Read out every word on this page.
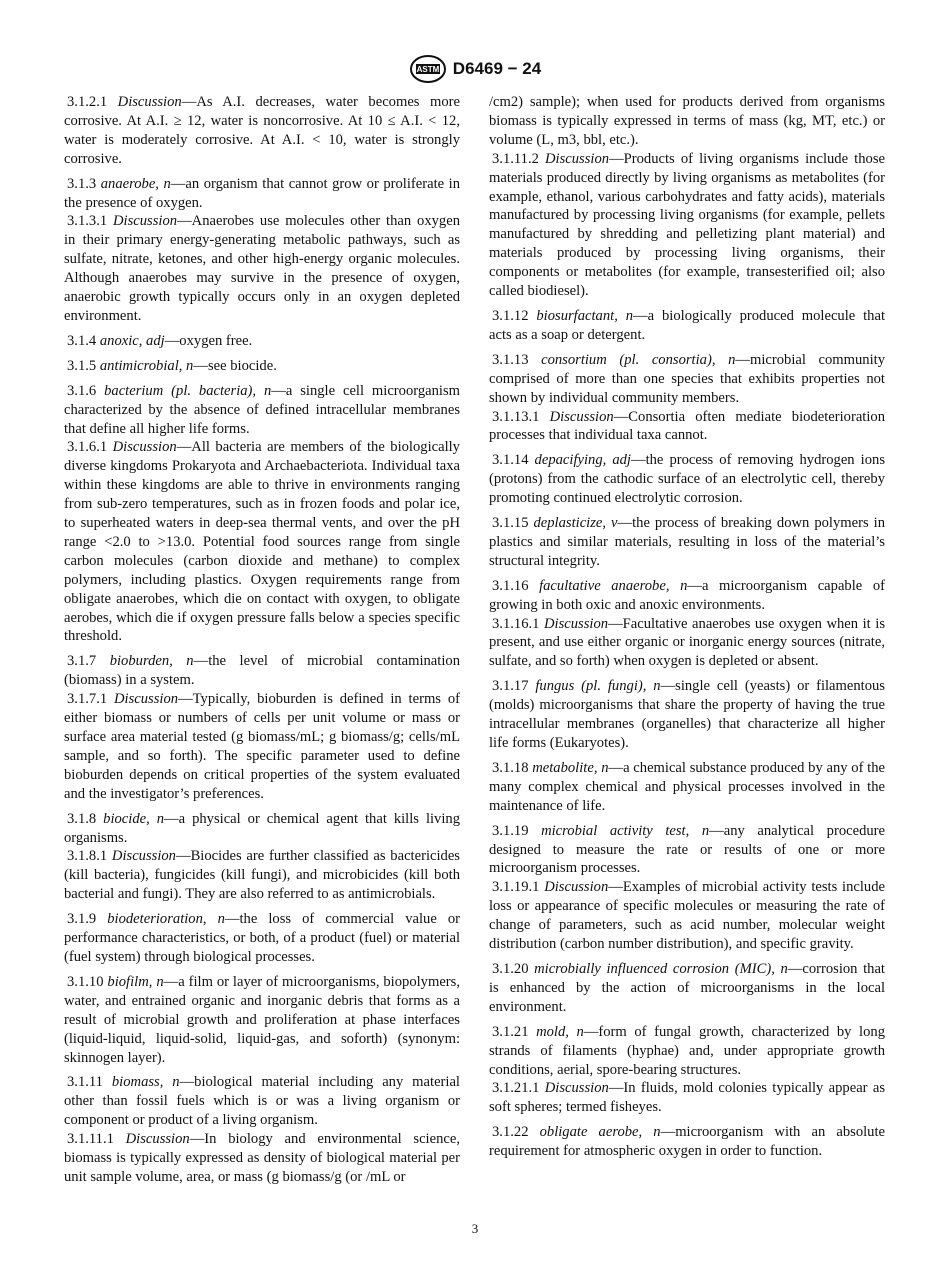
ASTM D6469 − 24

3.1.2.1 Discussion—As A.I. decreases, water becomes more corrosive. At A.I. ≥ 12, water is noncorrosive. At 10 ≤ A.I. < 12, water is moderately corrosive. At A.I. < 10, water is strongly corrosive.

3.1.3 anaerobe, n—an organism that cannot grow or proliferate in the presence of oxygen.

3.1.3.1 Discussion—Anaerobes use molecules other than oxygen in their primary energy-generating metabolic pathways, such as sulfate, nitrate, ketones, and other high-energy organic molecules. Although anaerobes may survive in the presence of oxygen, anaerobic growth typically occurs only in an oxygen depleted environment.

3.1.4 anoxic, adj—oxygen free.

3.1.5 antimicrobial, n—see biocide.

3.1.6 bacterium (pl. bacteria), n—a single cell microorganism characterized by the absence of defined intracellular membranes that define all higher life forms.

3.1.6.1 Discussion—All bacteria are members of the biologically diverse kingdoms Prokaryota and Archaebacteriota. Individual taxa within these kingdoms are able to thrive in environments ranging from sub-zero temperatures, such as in frozen foods and polar ice, to superheated waters in deep-sea thermal vents, and over the pH range <2.0 to >13.0. Potential food sources range from single carbon molecules (carbon dioxide and methane) to complex polymers, including plastics. Oxygen requirements range from obligate anaerobes, which die on contact with oxygen, to obligate aerobes, which die if oxygen pressure falls below a species specific threshold.

3.1.7 bioburden, n—the level of microbial contamination (biomass) in a system.

3.1.7.1 Discussion—Typically, bioburden is defined in terms of either biomass or numbers of cells per unit volume or mass or surface area material tested (g biomass/mL; g biomass/g; cells/mL sample, and so forth). The specific parameter used to define bioburden depends on critical properties of the system evaluated and the investigator’s preferences.

3.1.8 biocide, n—a physical or chemical agent that kills living organisms.

3.1.8.1 Discussion—Biocides are further classified as bactericides (kill bacteria), fungicides (kill fungi), and microbicides (kill both bacterial and fungi). They are also referred to as antimicrobials.

3.1.9 biodeterioration, n—the loss of commercial value or performance characteristics, or both, of a product (fuel) or material (fuel system) through biological processes.

3.1.10 biofilm, n—a film or layer of microorganisms, biopolymers, water, and entrained organic and inorganic debris that forms as a result of microbial growth and proliferation at phase interfaces (liquid-liquid, liquid-solid, liquid-gas, and soforth) (synonym: skinnogen layer).

3.1.11 biomass, n—biological material including any material other than fossil fuels which is or was a living organism or component or product of a living organism.

3.1.11.1 Discussion—In biology and environmental science, biomass is typically expressed as density of biological material per unit sample volume, area, or mass (g biomass/g (or /mL or

/cm2) sample); when used for products derived from organisms biomass is typically expressed in terms of mass (kg, MT, etc.) or volume (L, m3, bbl, etc.).

3.1.11.2 Discussion—Products of living organisms include those materials produced directly by living organisms as metabolites (for example, ethanol, various carbohydrates and fatty acids), materials manufactured by processing living organisms (for example, pellets manufactured by shredding and pelletizing plant material) and materials produced by processing living organisms, their components or metabolites (for example, transesterified oil; also called biodiesel).

3.1.12 biosurfactant, n—a biologically produced molecule that acts as a soap or detergent.

3.1.13 consortium (pl. consortia), n—microbial community comprised of more than one species that exhibits properties not shown by individual community members.

3.1.13.1 Discussion—Consortia often mediate biodeterioration processes that individual taxa cannot.

3.1.14 depacifying, adj—the process of removing hydrogen ions (protons) from the cathodic surface of an electrolytic cell, thereby promoting continued electrolytic corrosion.

3.1.15 deplasticize, v—the process of breaking down polymers in plastics and similar materials, resulting in loss of the material’s structural integrity.

3.1.16 facultative anaerobe, n—a microorganism capable of growing in both oxic and anoxic environments.

3.1.16.1 Discussion—Facultative anaerobes use oxygen when it is present, and use either organic or inorganic energy sources (nitrate, sulfate, and so forth) when oxygen is depleted or absent.

3.1.17 fungus (pl. fungi), n—single cell (yeasts) or filamentous (molds) microorganisms that share the property of having the true intracellular membranes (organelles) that characterize all higher life forms (Eukaryotes).

3.1.18 metabolite, n—a chemical substance produced by any of the many complex chemical and physical processes involved in the maintenance of life.

3.1.19 microbial activity test, n—any analytical procedure designed to measure the rate or results of one or more microorganism processes.

3.1.19.1 Discussion—Examples of microbial activity tests include loss or appearance of specific molecules or measuring the rate of change of parameters, such as acid number, molecular weight distribution (carbon number distribution), and specific gravity.

3.1.20 microbially influenced corrosion (MIC), n—corrosion that is enhanced by the action of microorganisms in the local environment.

3.1.21 mold, n—form of fungal growth, characterized by long strands of filaments (hyphae) and, under appropriate growth conditions, aerial, spore-bearing structures.

3.1.21.1 Discussion—In fluids, mold colonies typically appear as soft spheres; termed fisheyes.

3.1.22 obligate aerobe, n—microorganism with an absolute requirement for atmospheric oxygen in order to function.

3
